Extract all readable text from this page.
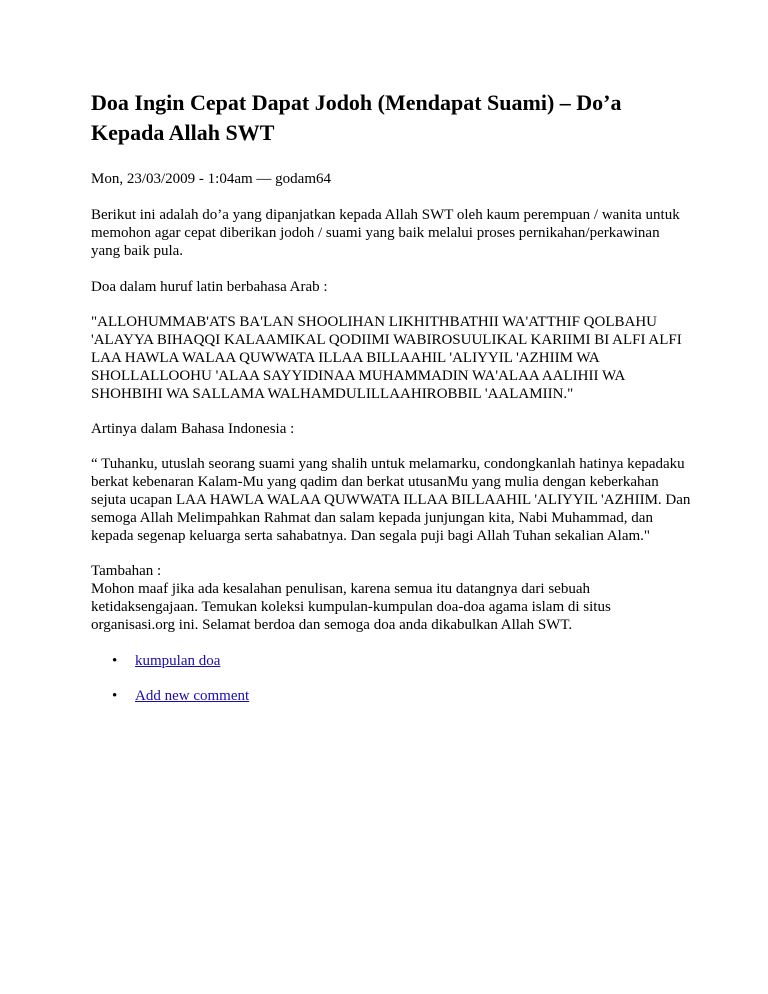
Doa Ingin Cepat Dapat Jodoh (Mendapat Suami) – Do’a
Kepada Allah SWT
Mon, 23/03/2009 - 1:04am — godam64

Berikut ini adalah do’a yang dipanjatkan kepada Allah SWT oleh kaum perempuan / wanita untuk memohon agar cepat diberikan jodoh / suami yang baik melalui proses pernikahan/perkawinan yang baik pula.

Doa dalam huruf latin berbahasa Arab :

"ALLOHUMMAB'ATS BA'LAN SHOOLIHAN LIKHITHBATHII WA'ATTHIF QOLBAHU 'ALAYYA BIHAQQI KALAAMIKAL QODIIMI WABIROSUULIKAL KARIIMI BI ALFI ALFI LAA HAWLA WALAA QUWWATA ILLAA BILLAAHIL 'ALIYYIL 'AZHIIM WA SHOLLALLOOHU 'ALAA SAYYIDINAA MUHAMMADIN WA'ALAA AALIHII WA SHOHBIHI WA SALLAMA WALHAMDULILLAAHIROBBIL 'AALAMIIN."

Artinya dalam Bahasa Indonesia :

“ Tuhanku, utuslah seorang suami yang shalih untuk melamarku, condongkanlah hatinya kepadaku berkat kebenaran Kalam-Mu yang qadim dan berkat utusanMu yang mulia dengan keberkahan sejuta ucapan LAA HAWLA WALAA QUWWATA ILLAA BILLAAHIL 'ALIYYIL 'AZHIIM. Dan semoga Allah Melimpahkan Rahmat dan salam kepada junjungan kita, Nabi Muhammad, dan kepada segenap keluarga serta sahabatnya. Dan segala puji bagi Allah Tuhan sekalian Alam."

Tambahan :

Mohon maaf jika ada kesalahan penulisan, karena semua itu datangnya dari sebuah ketidaksengajaan. Temukan koleksi kumpulan-kumpulan doa-doa agama islam di situs organisasi.org ini. Selamat berdoa dan semoga doa anda dikabulkan Allah SWT.

• kumpulan doa
• Add new comment
